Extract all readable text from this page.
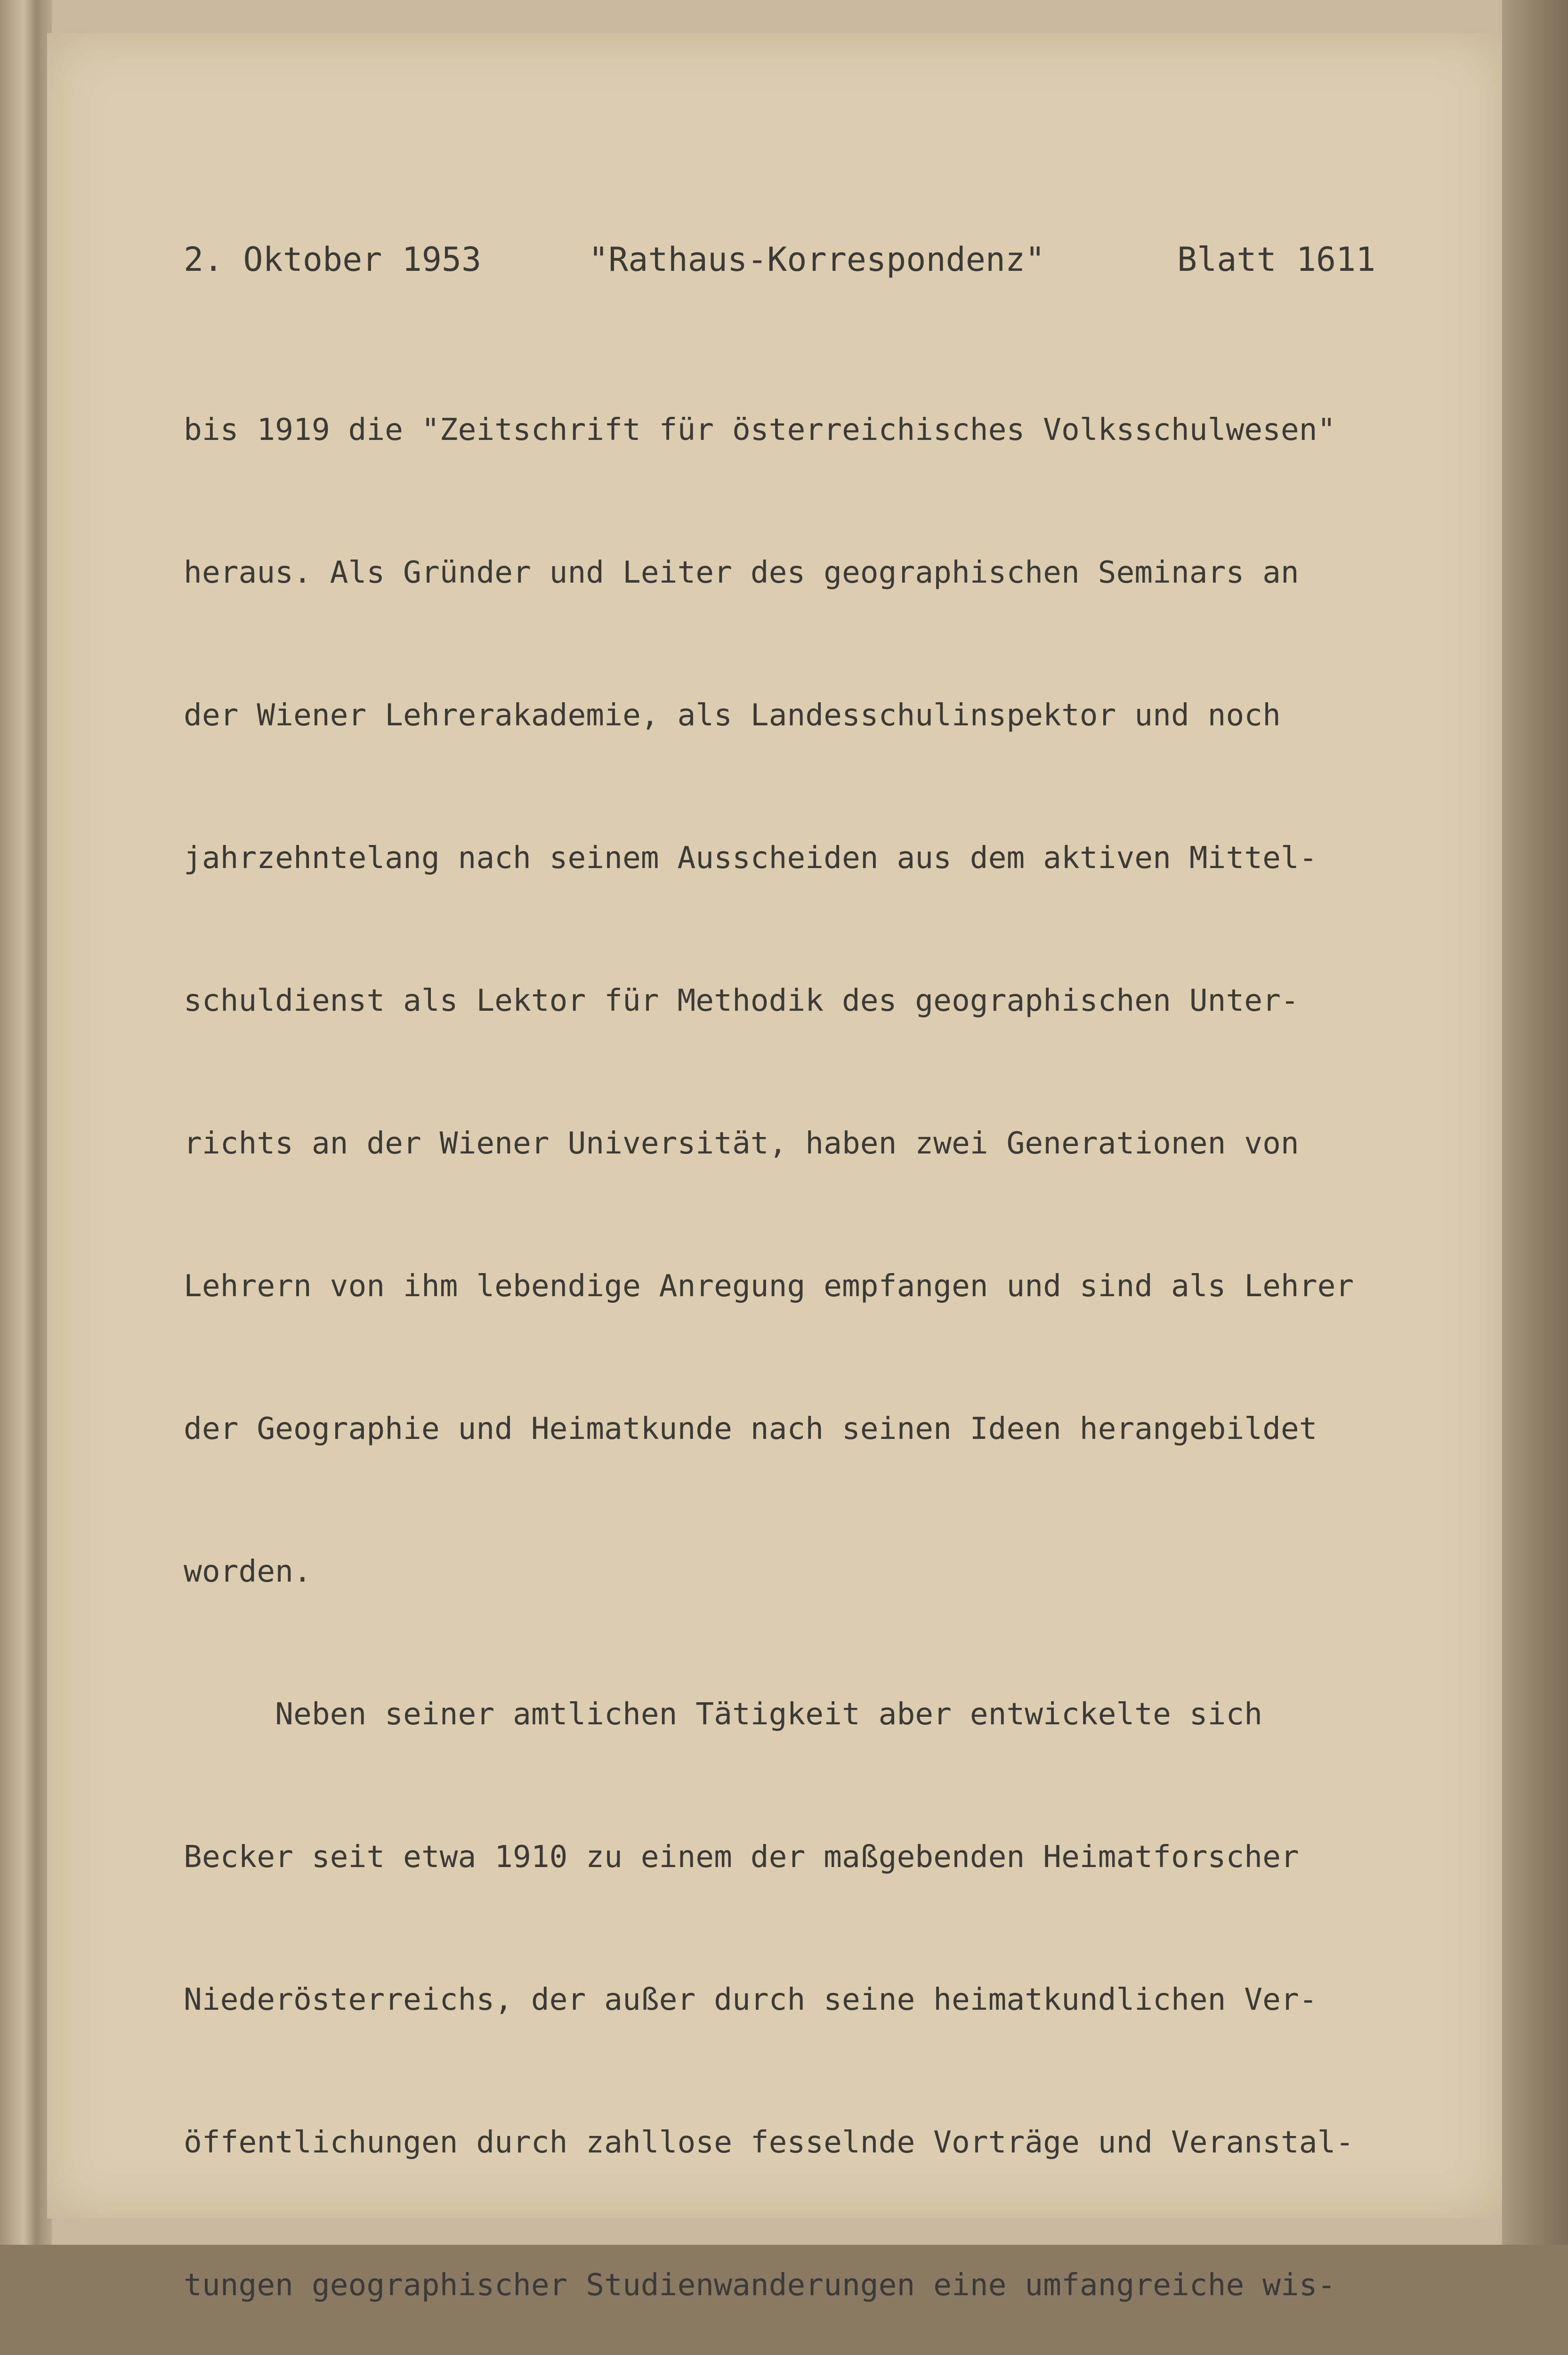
2. Oktober 1953	"Rathaus-Korrespondenz"	Blatt 1611

bis 1919 die "Zeitschrift für österreichisches Volksschulwesen"

heraus. Als Gründer und Leiter des geographischen Seminars an

der Wiener Lehrerakademie, als Landesschulinspektor und noch

jahrzehntelang nach seinem Ausscheiden aus dem aktiven Mittel-

schuldienst als Lektor für Methodik des geographischen Unter-

richts an der Wiener Universität, haben zwei Generationen von

Lehrern von ihm lebendige Anregung empfangen und sind als Lehrer

der Geographie und Heimatkunde nach seinen Ideen herangebildet

worden.

Neben seiner amtlichen Tätigkeit aber entwickelte sich

Becker seit etwa 1910 zu einem der maßgebenden Heimatforscher

Niederösterreichs, der außer durch seine heimatkundlichen Ver-

öffentlichungen durch zahllose fesselnde Vorträge und Veranstal-

tungen geographischer Studienwanderungen eine umfangreiche wis-
